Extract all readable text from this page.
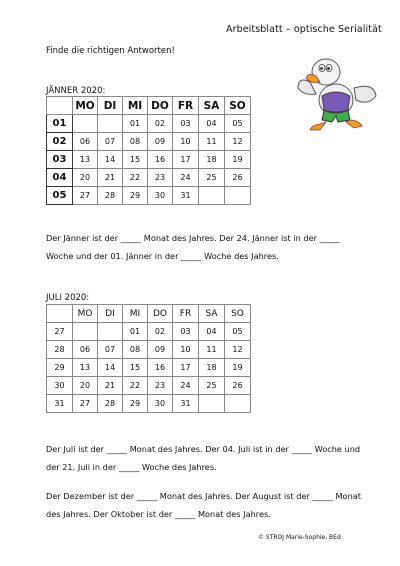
Arbeitsblatt – optische Serialität
Finde die richtigen Antworten!
JÄNNER 2020:
	MO	DI	MI	DO	FR	SA	SO
01			01	02	03	04	05
02	06	07	08	09	10	11	12
03	13	14	15	16	17	18	19
04	20	21	22	23	24	25	26
05	27	28	29	30	31		
Der Jänner ist der _____ Monat des Jahres. Der 24. Jänner ist in der _____ Woche und der 01. Jänner in der _____ Woche des Jahres.
JULI 2020:
	MO	DI	MI	DO	FR	SA	SO
27			01	02	03	04	05
28	06	07	08	09	10	11	12
29	13	14	15	16	17	18	19
30	20	21	22	23	24	25	26
31	27	28	29	30	31		
Der Juli ist der _____ Monat des Jahres. Der 04. Juli ist in der _____ Woche und der 21. Juli in der _____ Woche des Jahres.
Der Dezember ist der _____ Monat des Jahres. Der August ist der _____ Monat des Jahres. Der Oktober ist der _____ Monat des Jahres.
© STROJ Marie-Sophie, BEd
